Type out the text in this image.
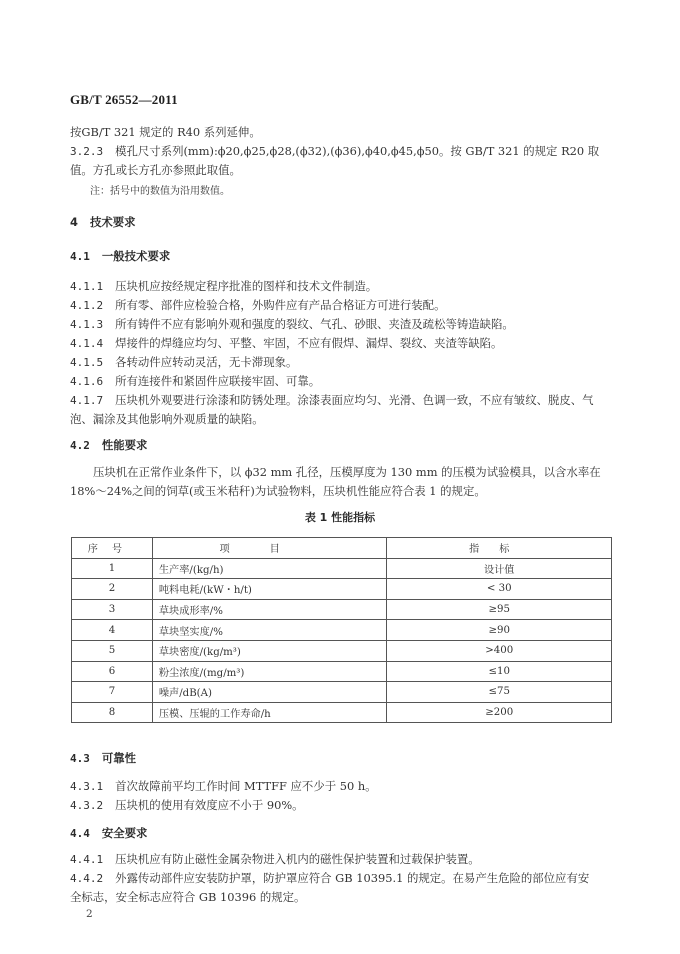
GB/T 26552—2011
按GB/T 321 规定的 R40 系列延伸。
3.2.3 模孔尺寸系列(mm):ϕ20,ϕ25,ϕ28,(ϕ32),(ϕ36),ϕ40,ϕ45,ϕ50。按 GB/T 321 的规定 R20 取
值。方孔或长方孔亦参照此取值。
注：括号中的数值为沿用数值。
4 技术要求
4.1 一般技术要求
4.1.1 压块机应按经规定程序批准的图样和技术文件制造。
4.1.2 所有零、部件应检验合格，外购件应有产品合格证方可进行装配。
4.1.3 所有铸件不应有影响外观和强度的裂纹、气孔、砂眼、夹渣及疏松等铸造缺陷。
4.1.4 焊接件的焊缝应均匀、平整、牢固，不应有假焊、漏焊、裂纹、夹渣等缺陷。
4.1.5 各转动件应转动灵活，无卡滞现象。
4.1.6 所有连接件和紧固件应联接牢固、可靠。
4.1.7 压块机外观要进行涂漆和防锈处理。涂漆表面应均匀、光滑、色调一致，不应有皱纹、脱皮、气
泡、漏涂及其他影响外观质量的缺陷。
4.2 性能要求
压块机在正常作业条件下，以 ϕ32 mm 孔径，压模厚度为 130 mm 的压模为试验模具，以含水率在
18%～24%之间的饲草(或玉米秸秆)为试验物料，压块机性能应符合表 1 的规定。
表 1 性能指标
序号	项目	指标
1	生产率/(kg/h)	设计值
2	吨料电耗/(kW・h/t)	< 30
3	草块成形率/%	≥95
4	草块坚实度/%	≥90
5	草块密度/(kg/m³)	>400
6	粉尘浓度/(mg/m³)	≤10
7	噪声/dB(A)	≤75
8	压模、压辊的工作寿命/h	≥200
4.3 可靠性
4.3.1 首次故障前平均工作时间 MTTFF 应不少于 50 h。
4.3.2 压块机的使用有效度应不小于 90%。
4.4 安全要求
4.4.1 压块机应有防止磁性金属杂物进入机内的磁性保护装置和过载保护装置。
4.4.2 外露传动部件应安装防护罩，防护罩应符合 GB 10395.1 的规定。在易产生危险的部位应有安
全标志，安全标志应符合 GB 10396 的规定。
2
